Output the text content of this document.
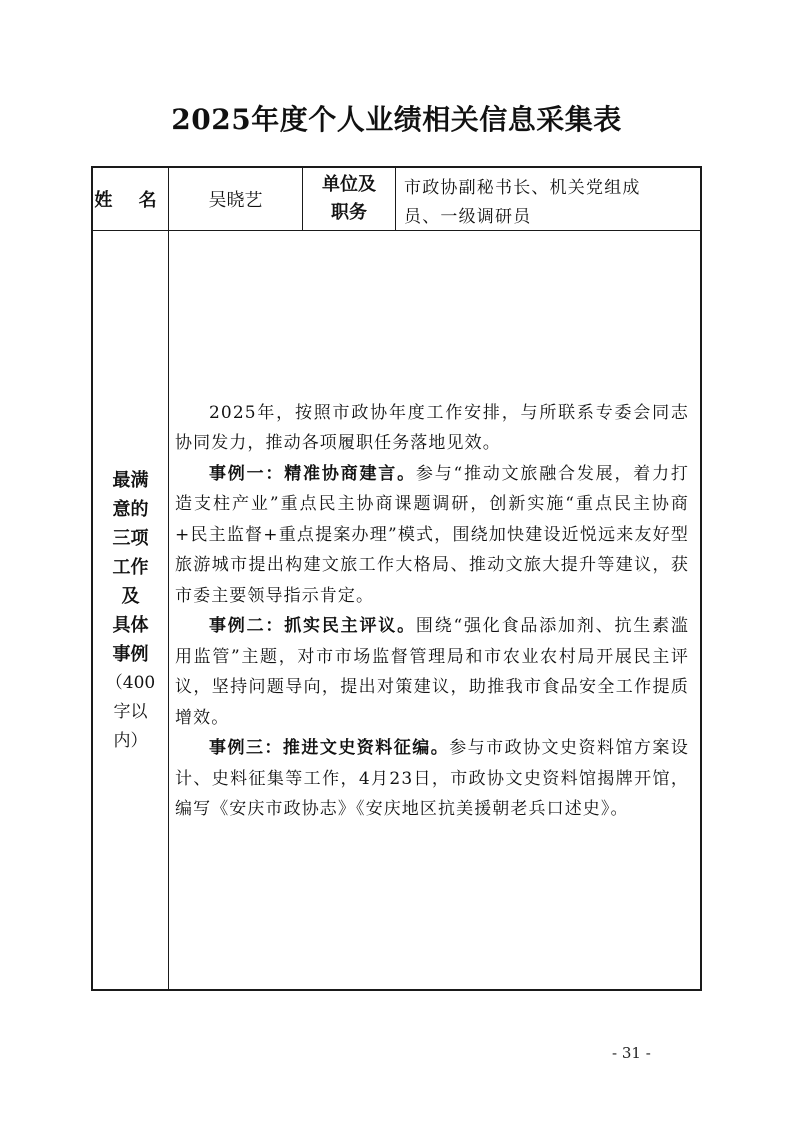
2025年度个人业绩相关信息采集表
姓 名 吴晓艺
单位及
职务
市政协副秘书长、机关党组成
员、一级调研员
最满
意的
三项
工作
及
具体
事例
（400
字以
内）

2025年，按照市政协年度工作安排，与所联系专委会同志协同发力，推动各项履职任务落地见效。

事例一：精准协商建言。参与“推动文旅融合发展，着力打造支柱产业”重点民主协商课题调研，创新实施“重点民主协商+民主监督+重点提案办理”模式，围绕加快建设近悦远来友好型旅游城市提出构建文旅工作大格局、推动文旅大提升等建议，获市委主要领导指示肯定。

事例二：抓实民主评议。围绕“强化食品添加剂、抗生素滥用监管”主题，对市市场监督管理局和市农业农村局开展民主评议，坚持问题导向，提出对策建议，助推我市食品安全工作提质增效。

事例三：推进文史资料征编。参与市政协文史资料馆方案设计、史料征集等工作，4月23日，市政协文史资料馆揭牌开馆，编写《安庆市政协志》《安庆地区抗美援朝老兵口述史》。

- 31 -
